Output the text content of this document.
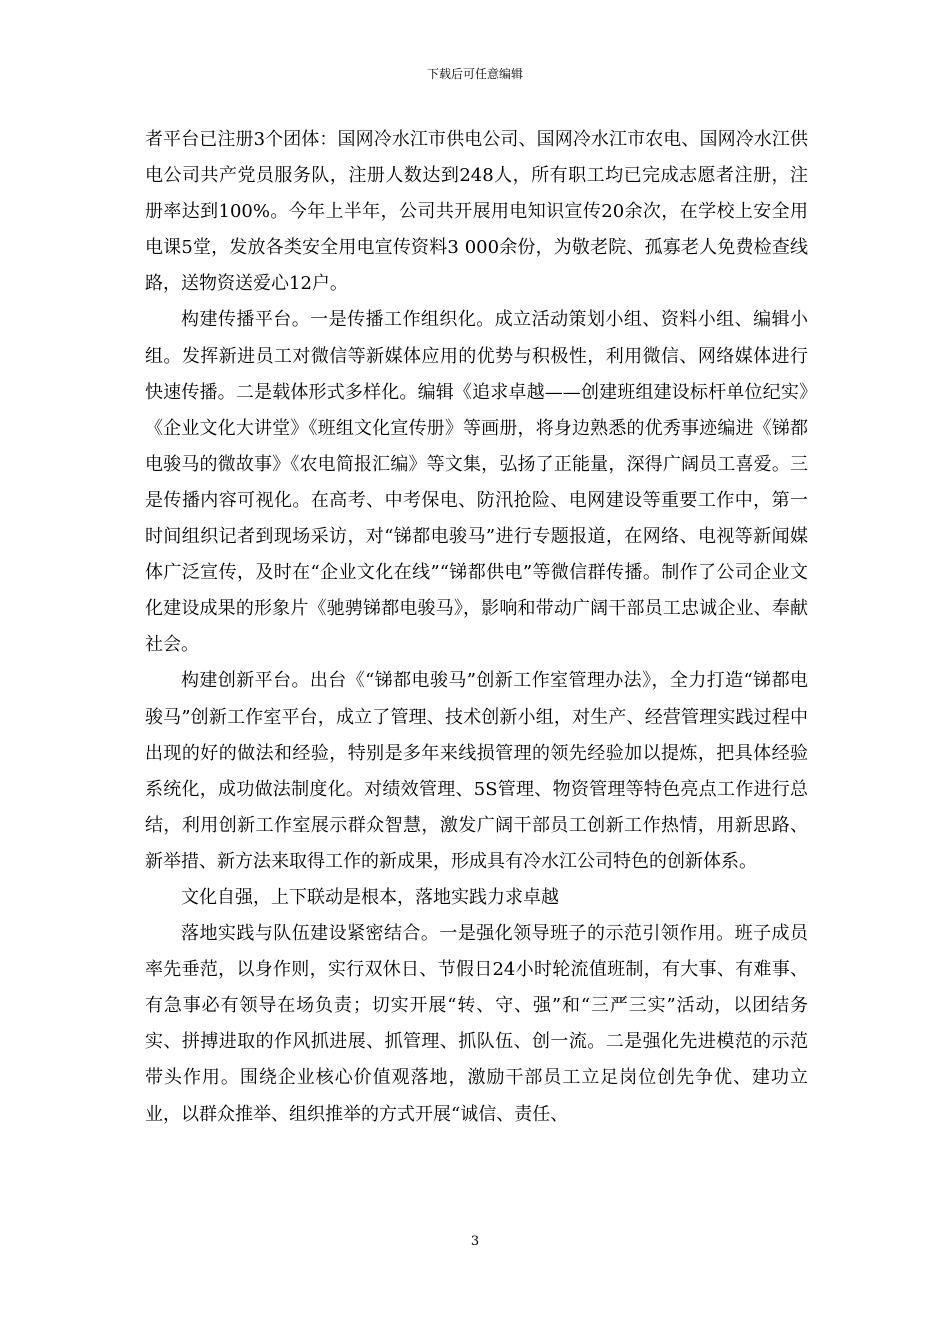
下载后可任意编辑

者平台已注册3个团体：国网冷水江市供电公司、国网冷水江市农电、国网冷水江供电公司共产党员服务队，注册人数达到248人，所有职工均已完成志愿者注册，注册率达到100%。今年上半年，公司共开展用电知识宣传20余次，在学校上安全用电课5堂，发放各类安全用电宣传资料3 000余份，为敬老院、孤寡老人免费检查线路，送物资送爱心12户。

构建传播平台。一是传播工作组织化。成立活动策划小组、资料小组、编辑小组。发挥新进员工对微信等新媒体应用的优势与积极性，利用微信、网络媒体进行快速传播。二是载体形式多样化。编辑《追求卓越——创建班组建设标杆单位纪实》《企业文化大讲堂》《班组文化宣传册》等画册，将身边熟悉的优秀事迹编进《锑都电骏马的微故事》《农电简报汇编》等文集，弘扬了正能量，深得广阔员工喜爱。三是传播内容可视化。在高考、中考保电、防汛抢险、电网建设等重要工作中，第一时间组织记者到现场采访，对“锑都电骏马”进行专题报道，在网络、电视等新闻媒体广泛宣传，及时在“企业文化在线”“锑都供电”等微信群传播。制作了公司企业文化建设成果的形象片《驰骋锑都电骏马》，影响和带动广阔干部员工忠诚企业、奉献社会。

构建创新平台。出台《“锑都电骏马”创新工作室管理办法》，全力打造“锑都电骏马”创新工作室平台，成立了管理、技术创新小组，对生产、经营管理实践过程中出现的好的做法和经验，特别是多年来线损管理的领先经验加以提炼，把具体经验系统化，成功做法制度化。对绩效管理、5S管理、物资管理等特色亮点工作进行总结，利用创新工作室展示群众智慧，激发广阔干部员工创新工作热情，用新思路、新举措、新方法来取得工作的新成果，形成具有冷水江公司特色的创新体系。

文化自强，上下联动是根本，落地实践力求卓越

落地实践与队伍建设紧密结合。一是强化领导班子的示范引领作用。班子成员率先垂范，以身作则，实行双休日、节假日24小时轮流值班制，有大事、有难事、有急事必有领导在场负责；切实开展“转、守、强”和“三严三实”活动，以团结务实、拼搏进取的作风抓进展、抓管理、抓队伍、创一流。二是强化先进模范的示范带头作用。围绕企业核心价值观落地，激励干部员工立足岗位创先争优、建功立业，以群众推举、组织推举的方式开展“诚信、责任、

3
